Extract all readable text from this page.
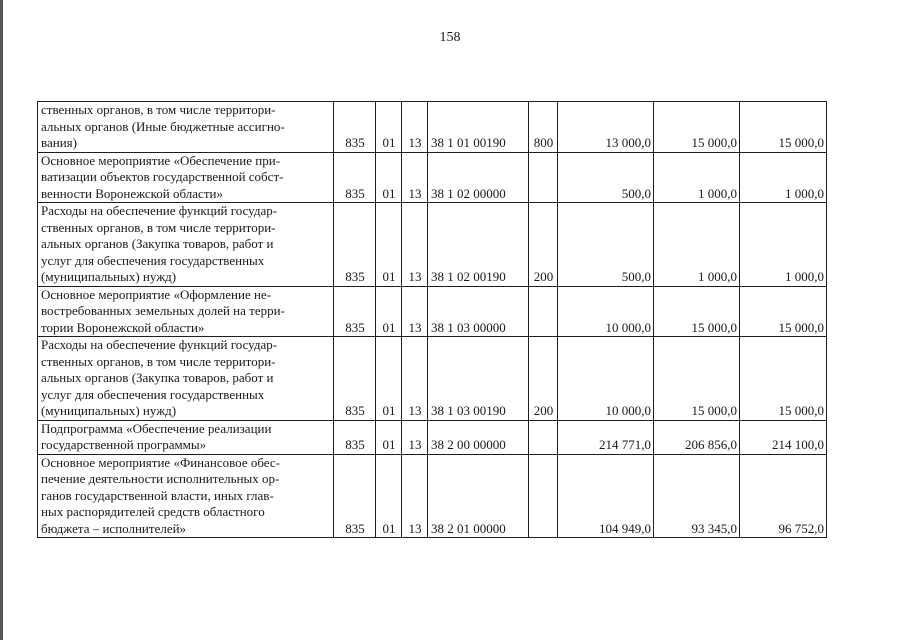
158
ственных органов, в том числе территори-
альных органов (Иные бюджетные ассигно-
вания)	835	01	13	38 1 01 00190	800	13 000,0	15 000,0	15 000,0

Основное мероприятие «Обеспечение при-
ватизации объектов государственной собст-
венности Воронежской области»	835	01	13	38 1 02 00000		500,0	1 000,0	1 000,0

Расходы на обеспечение функций государ-
ственных органов, в том числе территори-
альных органов (Закупка товаров, работ и
услуг для обеспечения государственных
(муниципальных) нужд)	835	01	13	38 1 02 00190	200	500,0	1 000,0	1 000,0

Основное мероприятие «Оформление не-
востребованных земельных долей на терри-
тории Воронежской области»	835	01	13	38 1 03 00000		10 000,0	15 000,0	15 000,0

Расходы на обеспечение функций государ-
ственных органов, в том числе территори-
альных органов (Закупка товаров, работ и
услуг для обеспечения государственных
(муниципальных) нужд)	835	01	13	38 1 03 00190	200	10 000,0	15 000,0	15 000,0

Подпрограмма «Обеспечение реализации
государственной программы»	835	01	13	38 2 00 00000		214 771,0	206 856,0	214 100,0

Основное мероприятие «Финансовое обес-
печение деятельности исполнительных ор-
ганов государственной власти, иных глав-
ных распорядителей средств областного
бюджета – исполнителей»	835	01	13	38 2 01 00000		104 949,0	93 345,0	96 752,0
